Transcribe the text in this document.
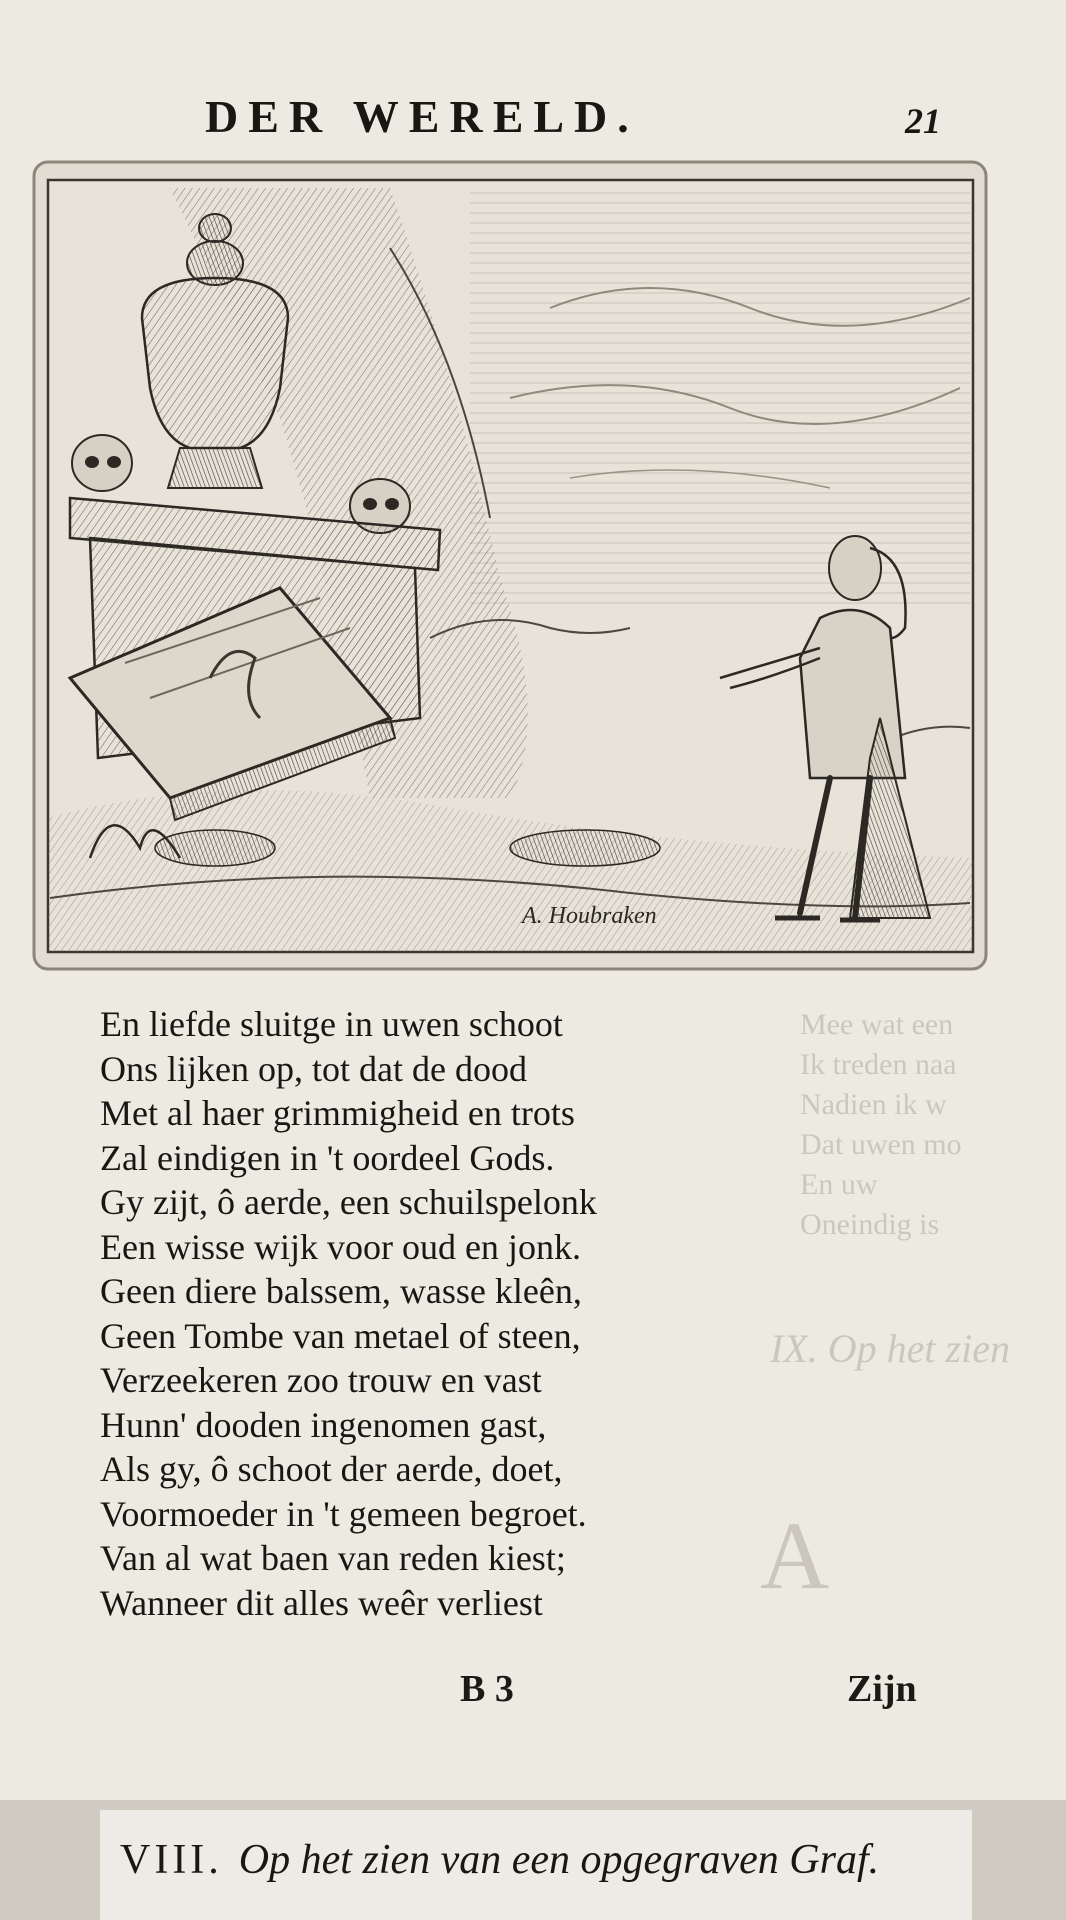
Mee wat een
Ik treden naa
Nadien ik w
Dat uwen mo
En uw
Oneindig is
IX. Op het zien
A
DER WERELD.	21
A. Houbraken
En liefde sluitge in uwen schoot
Ons lijken op, tot dat de dood
Met al haer grimmigheid en trots
Zal eindigen in 't oordeel Gods.
Gy zijt, ô aerde, een schuilspelonk
Een wisse wijk voor oud en jonk.
Geen diere balssem, wasse kleên,
Geen Tombe van metael of steen,
Verzeekeren zoo trouw en vast
Hunn' dooden ingenomen gast,
Als gy, ô schoot der aerde, doet,
Voormoeder in 't gemeen begroet.
Van al wat baen van reden kiest;
Wanneer dit alles weêr verliest
B 3	Zijn
VIII. Op het zien van een opgegraven Graf.
